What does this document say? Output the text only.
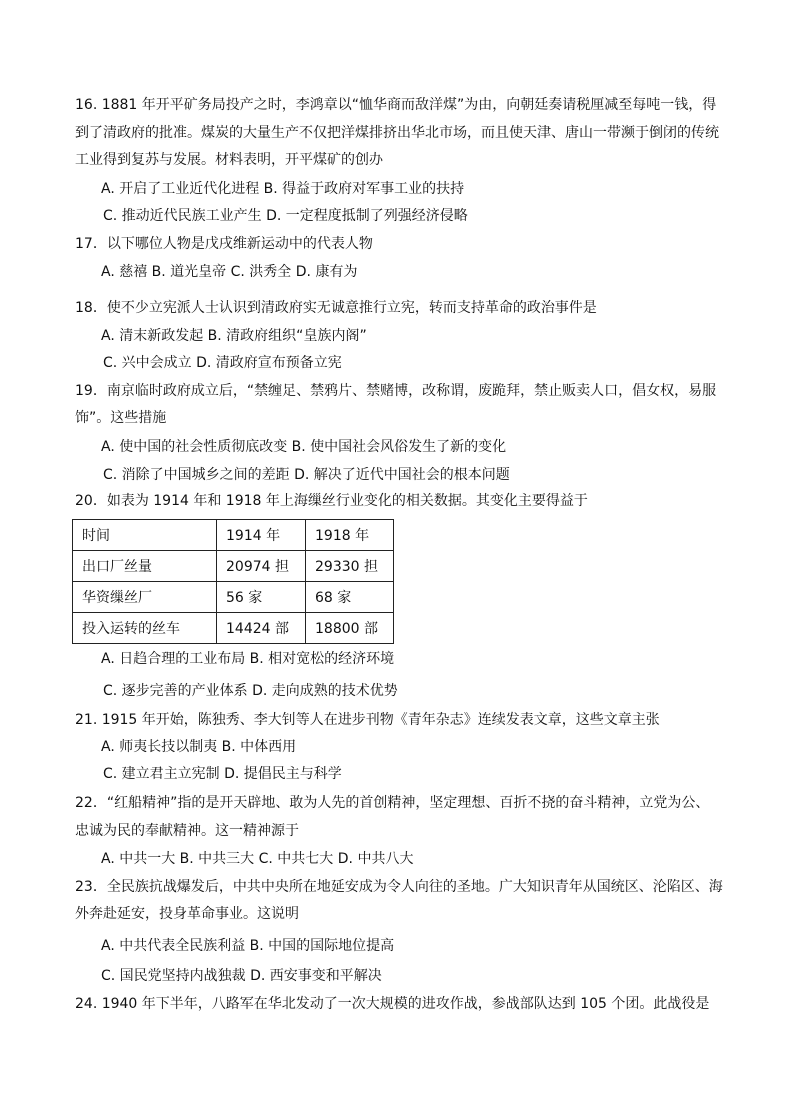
16. 1881 年开平矿务局投产之时，李鸿章以“恤华商而敌洋煤”为由，向朝廷奏请税厘减至每吨一钱，得
到了清政府的批准。煤炭的大量生产不仅把洋煤排挤出华北市场，而且使天津、唐山一带濒于倒闭的传统
工业得到复苏与发展。材料表明，开平煤矿的创办
A. 开启了工业近代化进程 B. 得益于政府对军事工业的扶持
C. 推动近代民族工业产生 D. 一定程度抵制了列强经济侵略
17．以下哪位人物是戊戌维新运动中的代表人物
A. 慈禧 B. 道光皇帝 C. 洪秀全 D. 康有为
18．使不少立宪派人士认识到清政府实无诚意推行立宪，转而支持革命的政治事件是
A. 清末新政发起 B. 清政府组织“皇族内阁”
C. 兴中会成立 D. 清政府宣布预备立宪
19．南京临时政府成立后，“禁缠足、禁鸦片、禁赌博，改称谓，废跪拜，禁止贩卖人口，倡女权，易服
饰”。这些措施
A. 使中国的社会性质彻底改变 B. 使中国社会风俗发生了新的变化
C. 消除了中国城乡之间的差距 D. 解决了近代中国社会的根本问题
20．如表为 1914 年和 1918 年上海缫丝行业变化的相关数据。其变化主要得益于
时间	1914 年	1918 年
出口厂丝量	20974 担	29330 担
华资缫丝厂	56 家	68 家
投入运转的丝车	14424 部	18800 部
A. 日趋合理的工业布局 B. 相对宽松的经济环境
C. 逐步完善的产业体系 D. 走向成熟的技术优势
21. 1915 年开始，陈独秀、李大钊等人在进步刊物《青年杂志》连续发表文章，这些文章主张
A. 师夷长技以制夷 B. 中体西用
C. 建立君主立宪制 D. 提倡民主与科学
22．“红船精神”指的是开天辟地、敢为人先的首创精神，坚定理想、百折不挠的奋斗精神，立党为公、
忠诚为民的奉献精神。这一精神源于
A. 中共一大 B. 中共三大 C. 中共七大 D. 中共八大
23．全民族抗战爆发后，中共中央所在地延安成为令人向往的圣地。广大知识青年从国统区、沦陷区、海
外奔赴延安，投身革命事业。这说明
A. 中共代表全民族利益 B. 中国的国际地位提高
C. 国民党坚持内战独裁 D. 西安事变和平解决
24. 1940 年下半年，八路军在华北发动了一次大规模的进攻作战，参战部队达到 105 个团。此战役是
